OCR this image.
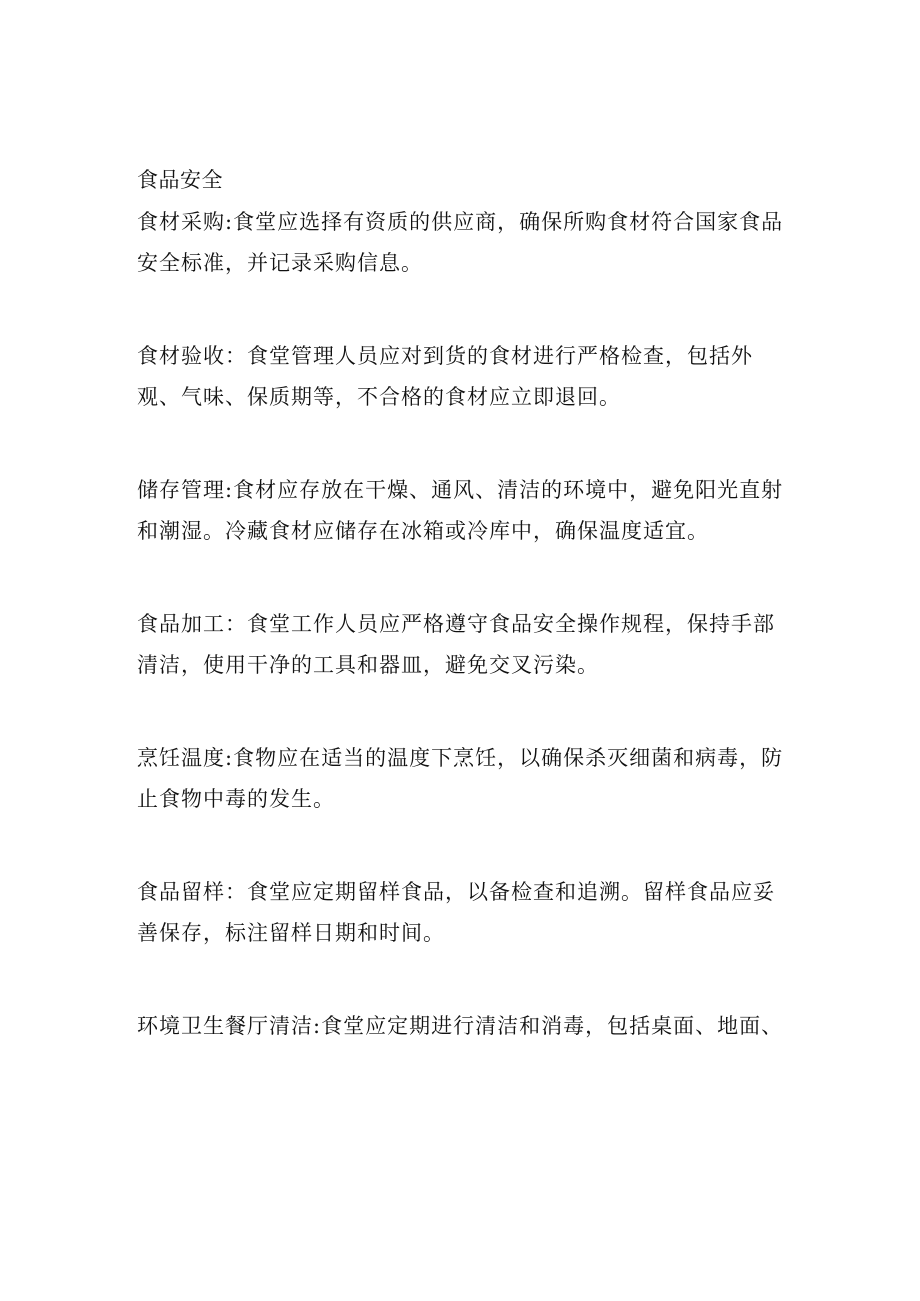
食品安全

食材采购:食堂应选择有资质的供应商，确保所购食材符合国家食品
安全标准，并记录采购信息。

食材验收：食堂管理人员应对到货的食材进行严格检查，包括外
观、气味、保质期等，不合格的食材应立即退回。

储存管理:食材应存放在干燥、通风、清洁的环境中，避免阳光直射
和潮湿。冷藏食材应储存在冰箱或冷库中，确保温度适宜。

食品加工：食堂工作人员应严格遵守食品安全操作规程，保持手部
清洁，使用干净的工具和器皿，避免交叉污染。

烹饪温度:食物应在适当的温度下烹饪，以确保杀灭细菌和病毒，防
止食物中毒的发生。

食品留样：食堂应定期留样食品，以备检查和追溯。留样食品应妥
善保存，标注留样日期和时间。

环境卫生餐厅清洁:食堂应定期进行清洁和消毒，包括桌面、地面、
